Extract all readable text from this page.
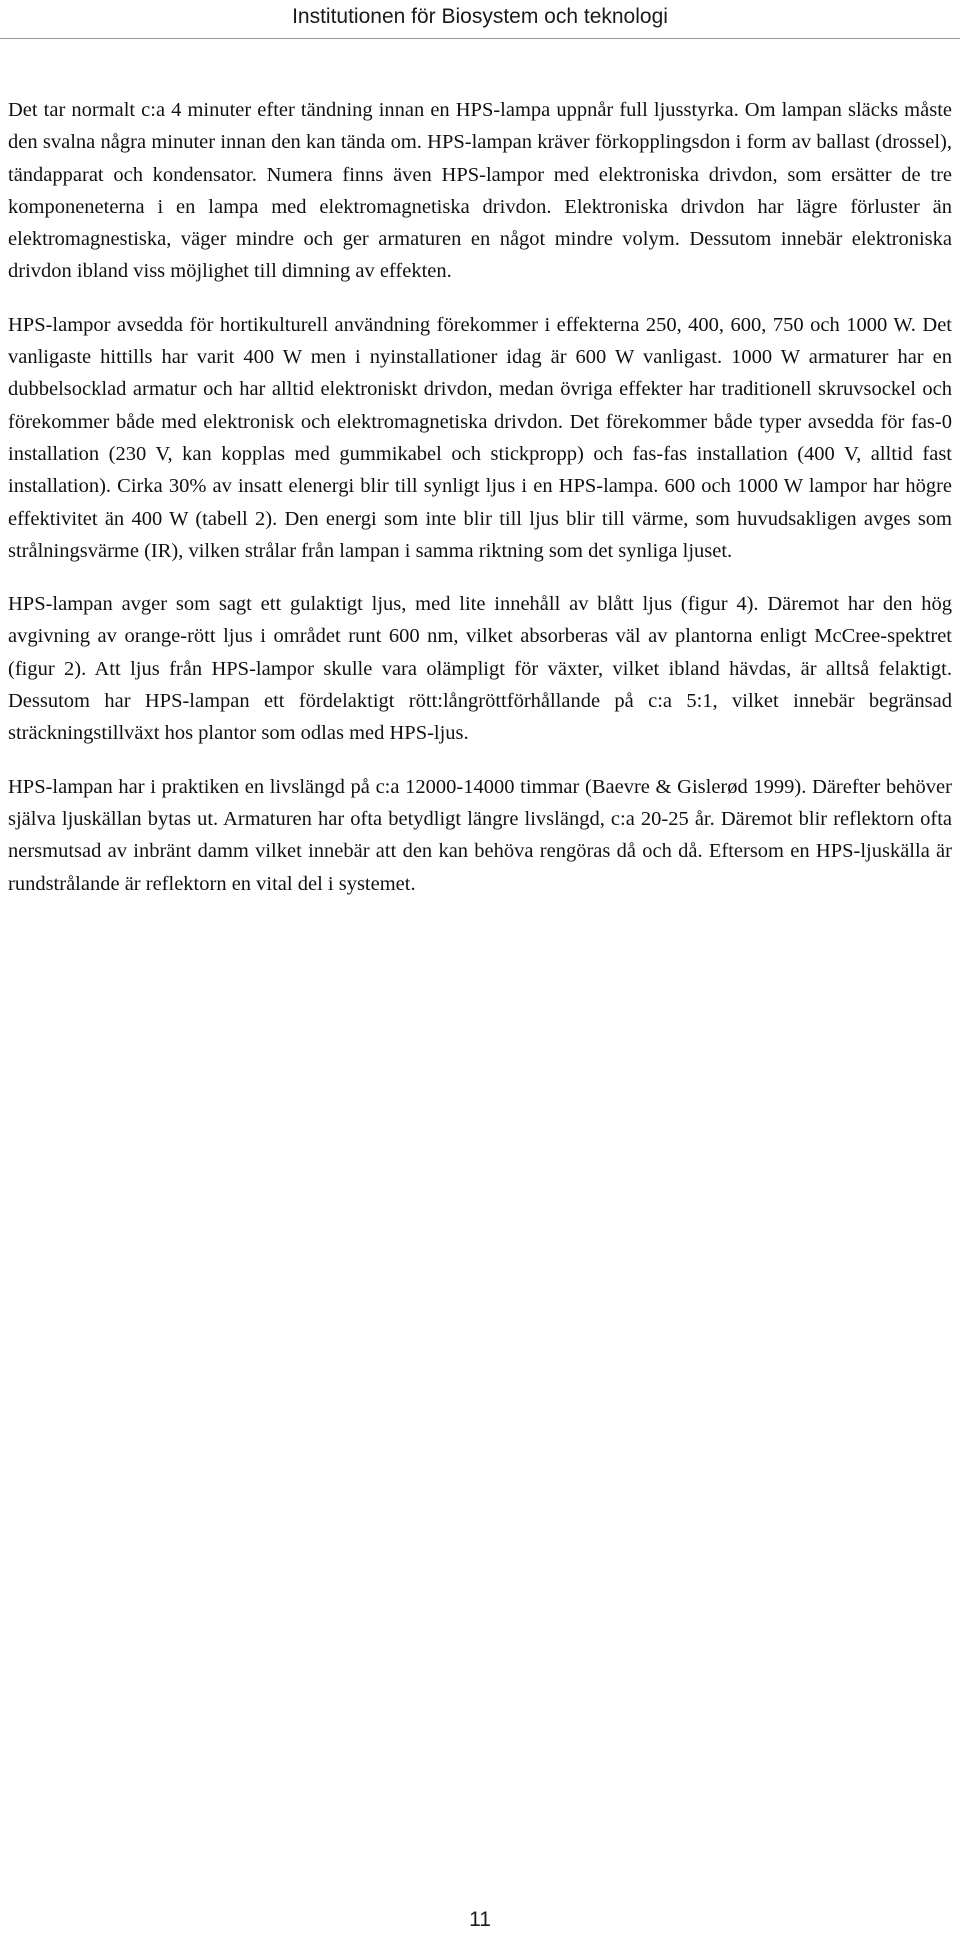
Institutionen för Biosystem och teknologi

Det tar normalt c:a 4 minuter efter tändning innan en HPS-lampa uppnår full ljusstyrka. Om lampan släcks måste den svalna några minuter innan den kan tända om. HPS-lampan kräver förkopplingsdon i form av ballast (drossel), tändapparat och kondensator. Numera finns även HPS-lampor med elektroniska drivdon, som ersätter de tre komponeneterna i en lampa med elektromagnetiska drivdon. Elektroniska drivdon har lägre förluster än elektromagnestiska, väger mindre och ger armaturen en något mindre volym. Dessutom innebär elektroniska drivdon ibland viss möjlighet till dimning av effekten.

HPS-lampor avsedda för hortikulturell användning förekommer i effekterna 250, 400, 600, 750 och 1000 W. Det vanligaste hittills har varit 400 W men i nyinstallationer idag är 600 W vanligast. 1000 W armaturer har en dubbelsocklad armatur och har alltid elektroniskt drivdon, medan övriga effekter har traditionell skruvsockel och förekommer både med elektronisk och elektromagnetiska drivdon. Det förekommer både typer avsedda för fas-0 installation (230 V, kan kopplas med gummikabel och stickpropp) och fas-fas installation (400 V, alltid fast installation). Cirka 30% av insatt elenergi blir till synligt ljus i en HPS-lampa. 600 och 1000 W lampor har högre effektivitet än 400 W (tabell 2). Den energi som inte blir till ljus blir till värme, som huvudsakligen avges som strålningsvärme (IR), vilken strålar från lampan i samma riktning som det synliga ljuset.

HPS-lampan avger som sagt ett gulaktigt ljus, med lite innehåll av blått ljus (figur 4). Däremot har den hög avgivning av orange-rött ljus i området runt 600 nm, vilket absorberas väl av plantorna enligt McCree-spektret (figur 2). Att ljus från HPS-lampor skulle vara olämpligt för växter, vilket ibland hävdas, är alltså felaktigt. Dessutom har HPS-lampan ett fördelaktigt rött:långröttförhållande på c:a 5:1, vilket innebär begränsad sträckningstillväxt hos plantor som odlas med HPS-ljus.

HPS-lampan har i praktiken en livslängd på c:a 12000-14000 timmar (Baevre & Gislerød 1999). Därefter behöver själva ljuskällan bytas ut. Armaturen har ofta betydligt längre livslängd, c:a 20-25 år. Däremot blir reflektorn ofta nersmutsad av inbränt damm vilket innebär att den kan behöva rengöras då och då. Eftersom en HPS-ljuskälla är rundstrålande är reflektorn en vital del i systemet.

11
